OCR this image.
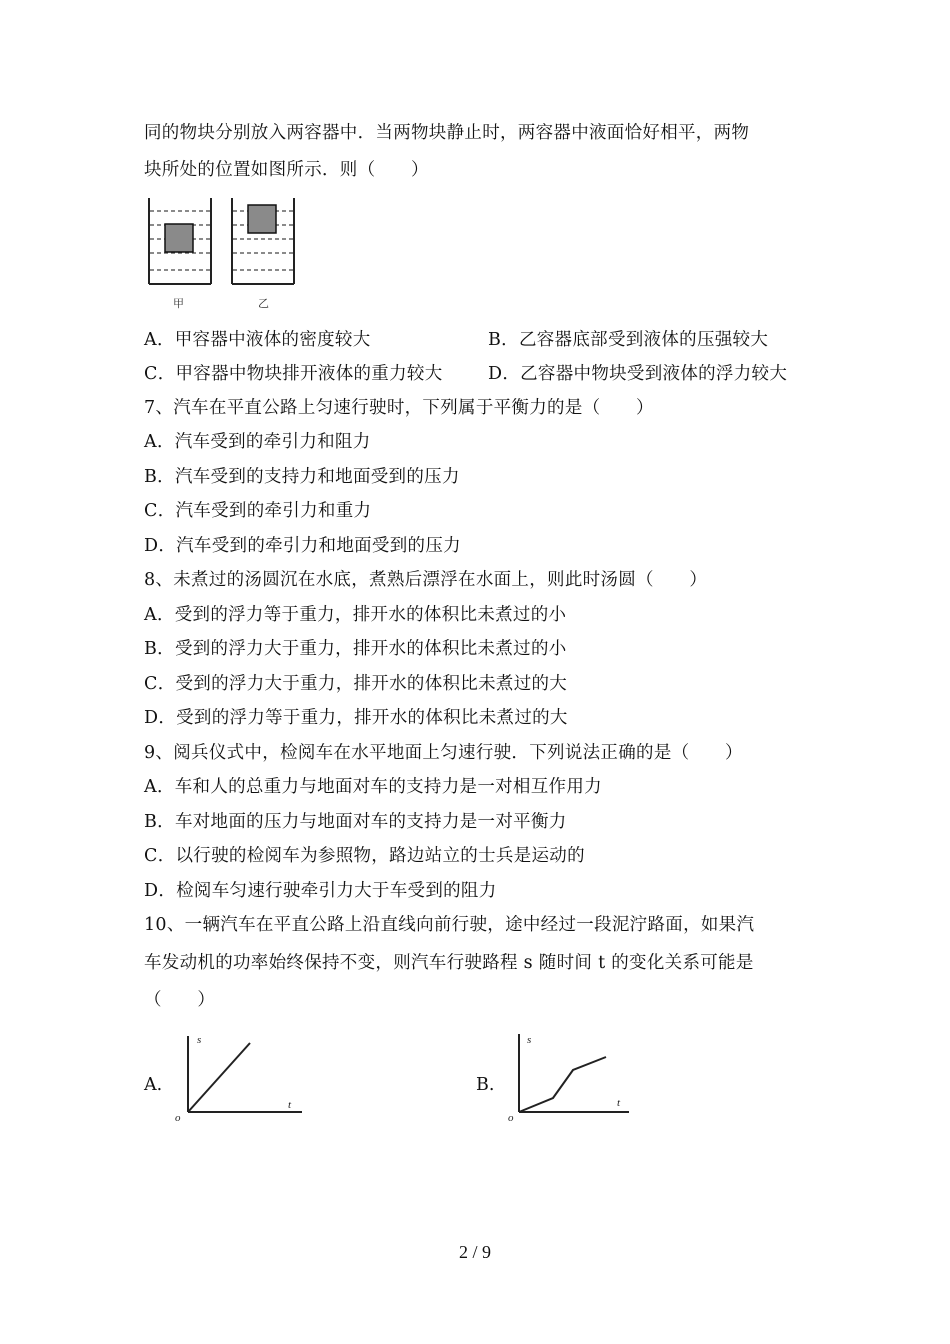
同的物块分别放入两容器中．当两物块静止时，两容器中液面恰好相平，两物
块所处的位置如图所示．则（　　）
甲	乙
A．甲容器中液体的密度较大	B．乙容器底部受到液体的压强较大
C．甲容器中物块排开液体的重力较大	D．乙容器中物块受到液体的浮力较大
7、汽车在平直公路上匀速行驶时，下列属于平衡力的是（　　）
A．汽车受到的牵引力和阻力
B．汽车受到的支持力和地面受到的压力
C．汽车受到的牵引力和重力
D．汽车受到的牵引力和地面受到的压力
8、未煮过的汤圆沉在水底，煮熟后漂浮在水面上，则此时汤圆（　　）
A．受到的浮力等于重力，排开水的体积比未煮过的小
B．受到的浮力大于重力，排开水的体积比未煮过的小
C．受到的浮力大于重力，排开水的体积比未煮过的大
D．受到的浮力等于重力，排开水的体积比未煮过的大
9、阅兵仪式中，检阅车在水平地面上匀速行驶．下列说法正确的是（　　）
A．车和人的总重力与地面对车的支持力是一对相互作用力
B．车对地面的压力与地面对车的支持力是一对平衡力
C．以行驶的检阅车为参照物，路边站立的士兵是运动的
D．检阅车匀速行驶牵引力大于车受到的阻力
10、一辆汽车在平直公路上沿直线向前行驶，途中经过一段泥泞路面，如果汽
车发动机的功率始终保持不变，则汽车行驶路程 s 随时间 t 的变化关系可能是
（　　）
A.
s
t
o
B.
s
t
o
2 / 9
